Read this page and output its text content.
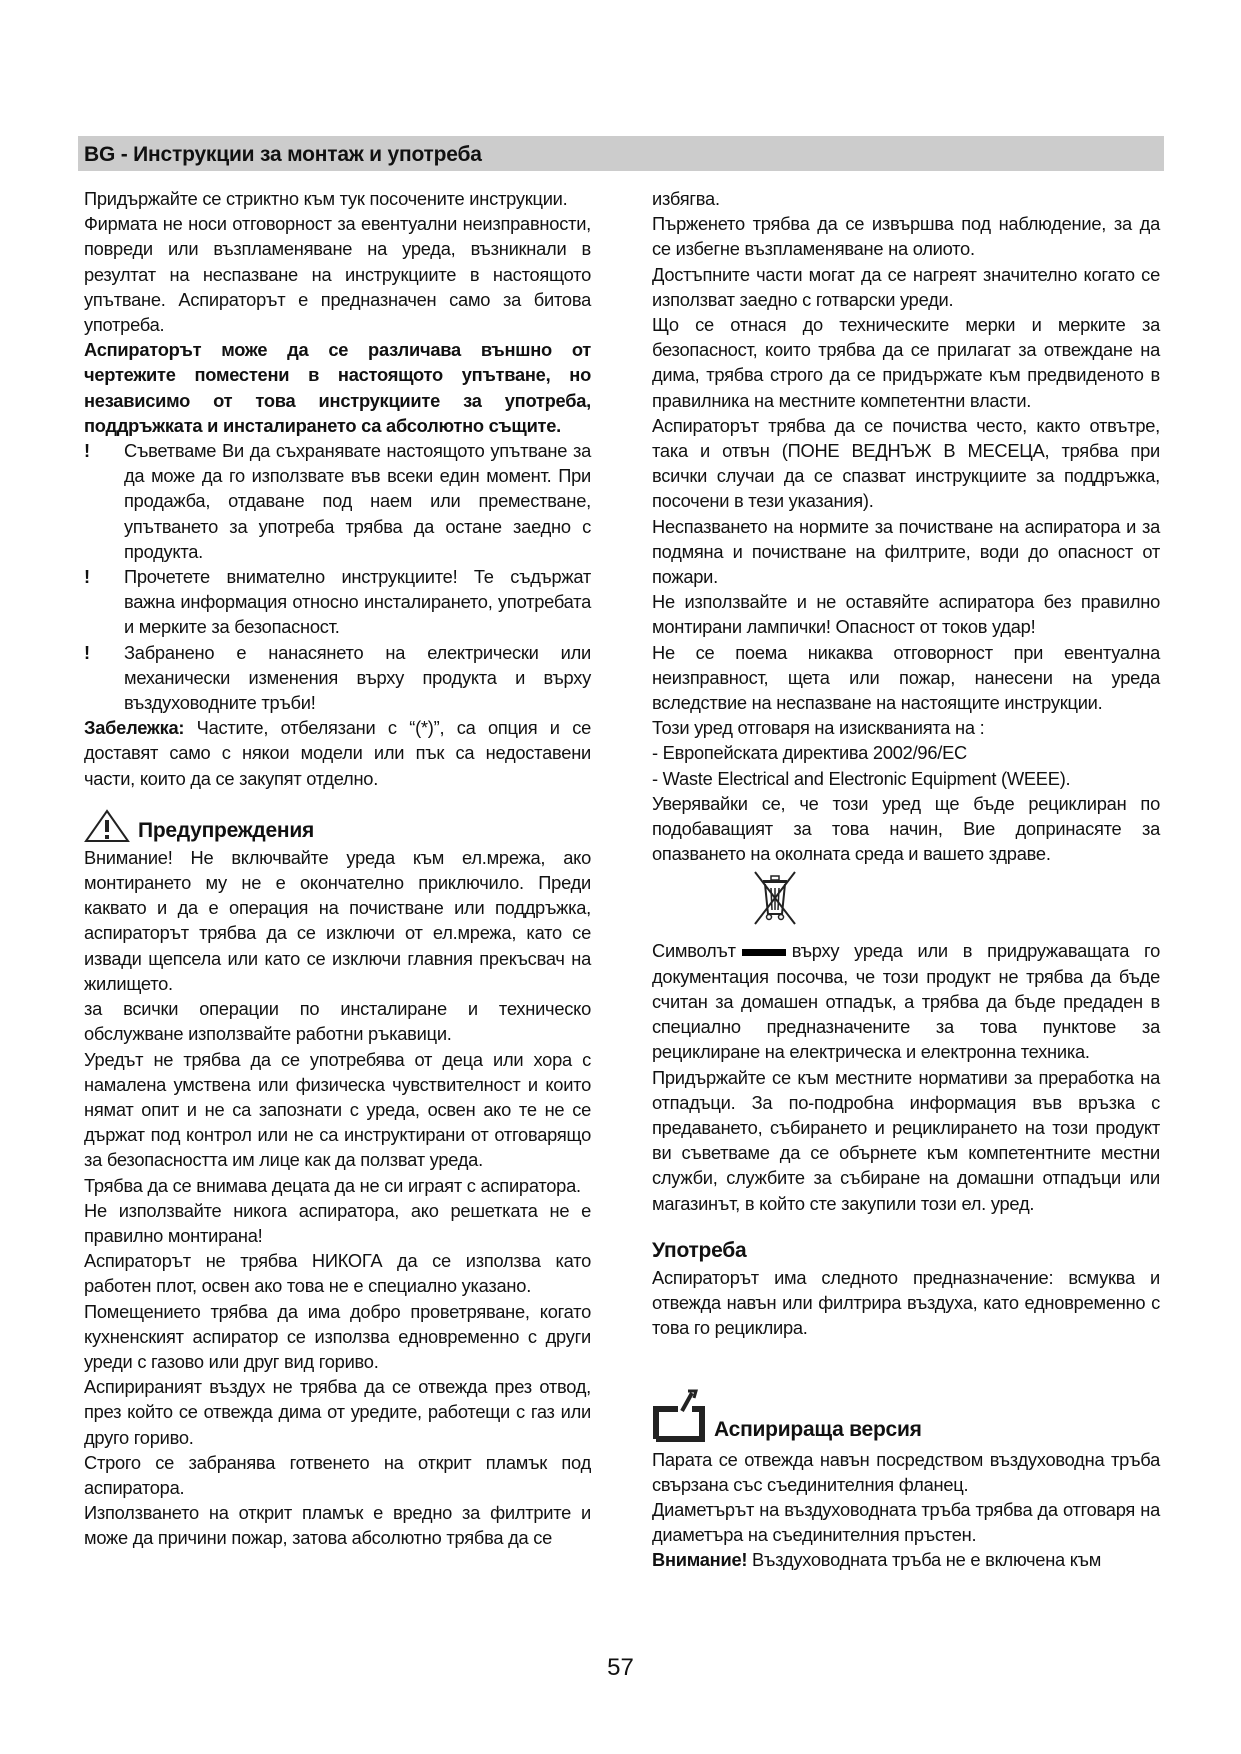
BG - Инструкции за монтаж и употреба

Придържайте се стриктно към тук посочените инструкции.

Фирмата не носи отговорност за евентуални неизправности, повреди или възпламеняване на уреда, възникнали в резултат на неспазване на инструкциите в настоящото упътване. Аспираторът е предназначен само за битова употреба.

Аспираторът може да се различава външно от чертежите поместени в настоящото упътване, но независимо от това инструкциите за употреба, поддръжката и инсталирането са абсолютно същите.

! Съветваме Ви да съхранявате настоящото упътване за да може да го използвате във всеки един момент. При продажба, отдаване под наем или преместване, упътването за употреба трябва да остане заедно с продукта.
! Прочетете внимателно инструкциите! Те съдържат важна информация относно инсталирането, употребата и мерките за безопасност.
! Забранено е нанасянето на електрически или механически изменения върху продукта и върху въздуховодните тръби!

Забележка: Частите, отбелязани с “(*)”, са опция и се доставят само с някои модели или пък са недоставени части, които да се закупят отделно.

Предупреждения

Внимание! Не включвайте уреда към ел.мрежа, ако монтирането му не е окончателно приключило. Преди каквато и да е операция на почистване или поддръжка, аспираторът трябва да се изключи от ел.мрежа, като се извади щепсела или като се изключи главния прекъсвач на жилището.

за всички операции по инсталиране и техническо обслужване използвайте работни ръкавици.

Уредът не трябва да се употребява от деца или хора с намалена умствена или физическа чувствителност и които нямат опит и не са запознати с уреда, освен ако те не се държат под контрол или не са инструктирани от отговарящо за безопасността им лице как да ползват уреда.

Трябва да се внимава децата да не си играят с аспиратора.

Не използвайте никога аспиратора, ако решетката не е правилно монтирана!

Аспираторът не трябва НИКОГА да се използва като работен плот, освен ако това не е специално указано.

Помещението трябва да има добро проветряване, когато кухненският аспиратор се използва едновременно с други уреди с газово или друг вид гориво.

Аспирираният въздух не трябва да се отвежда през отвод, през който се отвежда дима от уредите, работещи с газ или друго гориво.

Строго се забранява готвенето на открит пламък под аспиратора.

Използването на открит пламък е вредно за филтрите и може да причини пожар, затова абсолютно трябва да се

избягва.

Пърженето трябва да се извършва под наблюдение, за да се избегне възпламеняване на олиото.

Достъпните части могат да се нагреят значително когато се използват заедно с готварски уреди.

Що се отнася до техническите мерки и мерките за безопасност, които трябва да се прилагат за отвеждане на дима, трябва строго да се придържате към предвиденото в правилника на местните компетентни власти.

Аспираторът трябва да се почиства често, както отвътре, така и отвън (ПОНЕ ВЕДНЪЖ В МЕСЕЦА, трябва при всички случаи да се спазват инструкциите за поддръжка, посочени в тези указания).

Неспазването на нормите за почистване на аспиратора и за подмяна и почистване на филтрите, води до опасност от пожари.

Не използвайте и не оставяйте аспиратора без правилно монтирани лампички! Опасност от токов удар!

Не се поема никаква отговорност при евентуална неизправност, щета или пожар, нанесени на уреда вследствие на неспазване на настоящите инструкции.

Този уред отговаря на изискванията на :

- Европейската директива 2002/96/ЕС

- Waste Electrical and Electronic Equipment (WEEE).

Уверявайки се, че този уред ще бъде рециклиран по подобаващият за това начин, Вие допринасяте за опазването на околната среда и вашето здраве.

Символът	върху уреда или в придружаващата го документация посочва, че този продукт не трябва да бъде считан за домашен отпадък, а трябва да бъде предаден в специално предназначените за това пунктове за рециклиране на електрическа и електронна техника.

Придържайте се към местните нормативи за преработка на отпадъци. За по-подробна информация във връзка с предаването, събирането и рециклирането на този продукт ви съветваме да се обърнете към компетентните местни служби, службите за събиране на домашни отпадъци или магазинът, в който сте закупили този ел. уред.

Употреба

Аспираторът има следното предназначение: всмуква и отвежда навън или филтрира въздуха, като едновременно с това го рециклира.

Аспирираща версия

Парата се отвежда навън посредством въздуховодна тръба свързана със съединителния фланец.

Диаметърът на въздуховодната тръба трябва да отговаря на диаметъра на съединителния пръстен.

Внимание! Въздуховодната тръба не е включена към

57
